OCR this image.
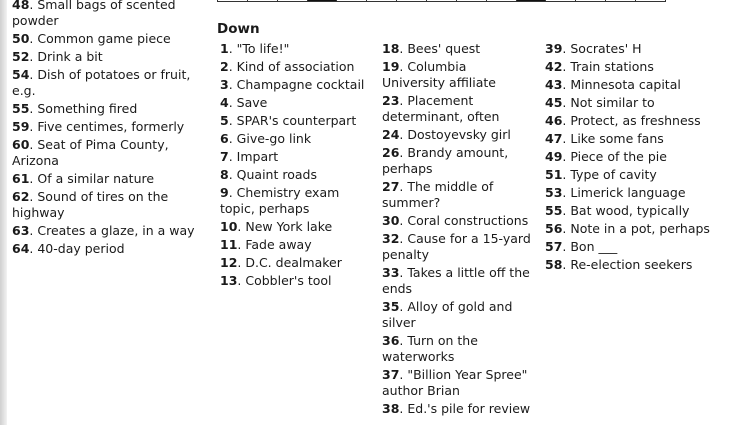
48. Small bags of scented powder
50. Common game piece
52. Drink a bit
54. Dish of potatoes or fruit, e.g.
55. Something fired
59. Five centimes, formerly
60. Seat of Pima County, Arizona
61. Of a similar nature
62. Sound of tires on the highway
63. Creates a glaze, in a way
64. 40-day period
Down
1. "To life!"
2. Kind of association
3. Champagne cocktail
4. Save
5. SPAR's counterpart
6. Give-go link
7. Impart
8. Quaint roads
9. Chemistry exam topic, perhaps
10. New York lake
11. Fade away
12. D.C. dealmaker
13. Cobbler's tool
18. Bees' quest
19. Columbia University affiliate
23. Placement determinant, often
24. Dostoyevsky girl
26. Brandy amount, perhaps
27. The middle of summer?
30. Coral constructions
32. Cause for a 15-yard penalty
33. Takes a little off the ends
35. Alloy of gold and silver
36. Turn on the waterworks
37. "Billion Year Spree" author Brian
38. Ed.'s pile for review
39. Socrates' H
42. Train stations
43. Minnesota capital
45. Not similar to
46. Protect, as freshness
47. Like some fans
49. Piece of the pie
51. Type of cavity
53. Limerick language
55. Bat wood, typically
56. Note in a pot, perhaps
57. Bon ___
58. Re-election seekers
